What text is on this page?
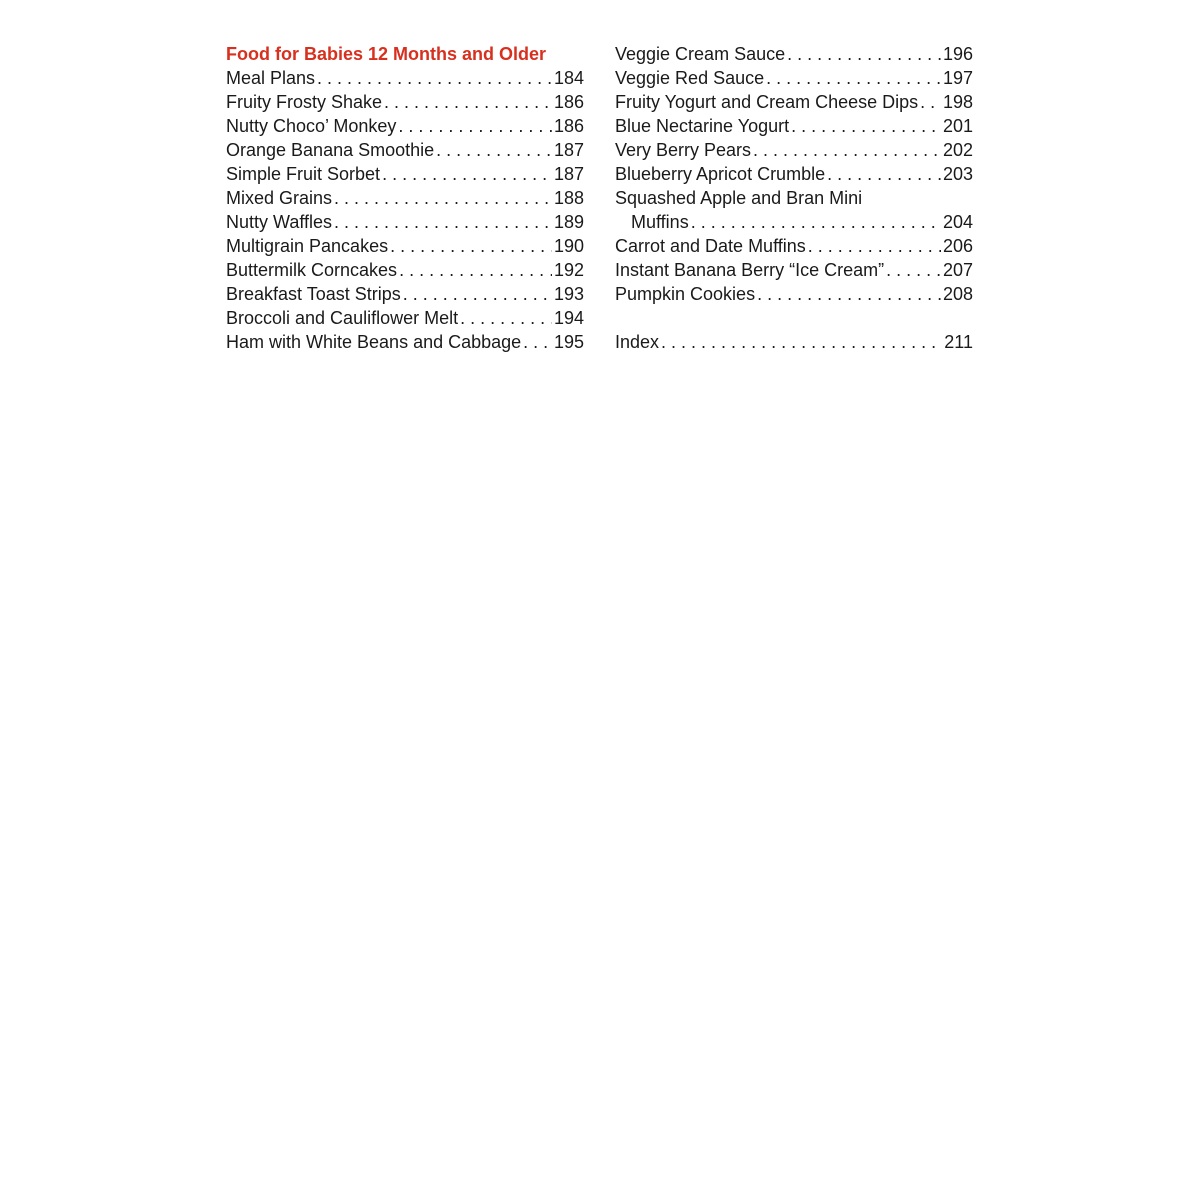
Food for Babies 12 Months and Older
Meal Plans . . .	184
Fruity Frosty Shake . . .	186
Nutty Choco’ Monkey . . .	186
Orange Banana Smoothie . . .	187
Simple Fruit Sorbet . . .	187
Mixed Grains . . .	188
Nutty Waffles . . .	189
Multigrain Pancakes . . .	190
Buttermilk Corncakes . . .	192
Breakfast Toast Strips . . .	193
Broccoli and Cauliflower Melt . . .	194
Ham with White Beans and Cabbage . . . 195
Veggie Cream Sauce . . .	196
Veggie Red Sauce . . .	197
Fruity Yogurt and Cream Cheese Dips . . . 198
Blue Nectarine Yogurt . . .	201
Very Berry Pears . . .	202
Blueberry Apricot Crumble . . .	203
Squashed Apple and Bran Mini
Muffins . . .	204
Carrot and Date Muffins . . .	206
Instant Banana Berry “Ice Cream” . . .	207
Pumpkin Cookies . . .	208
Index . . .	211
